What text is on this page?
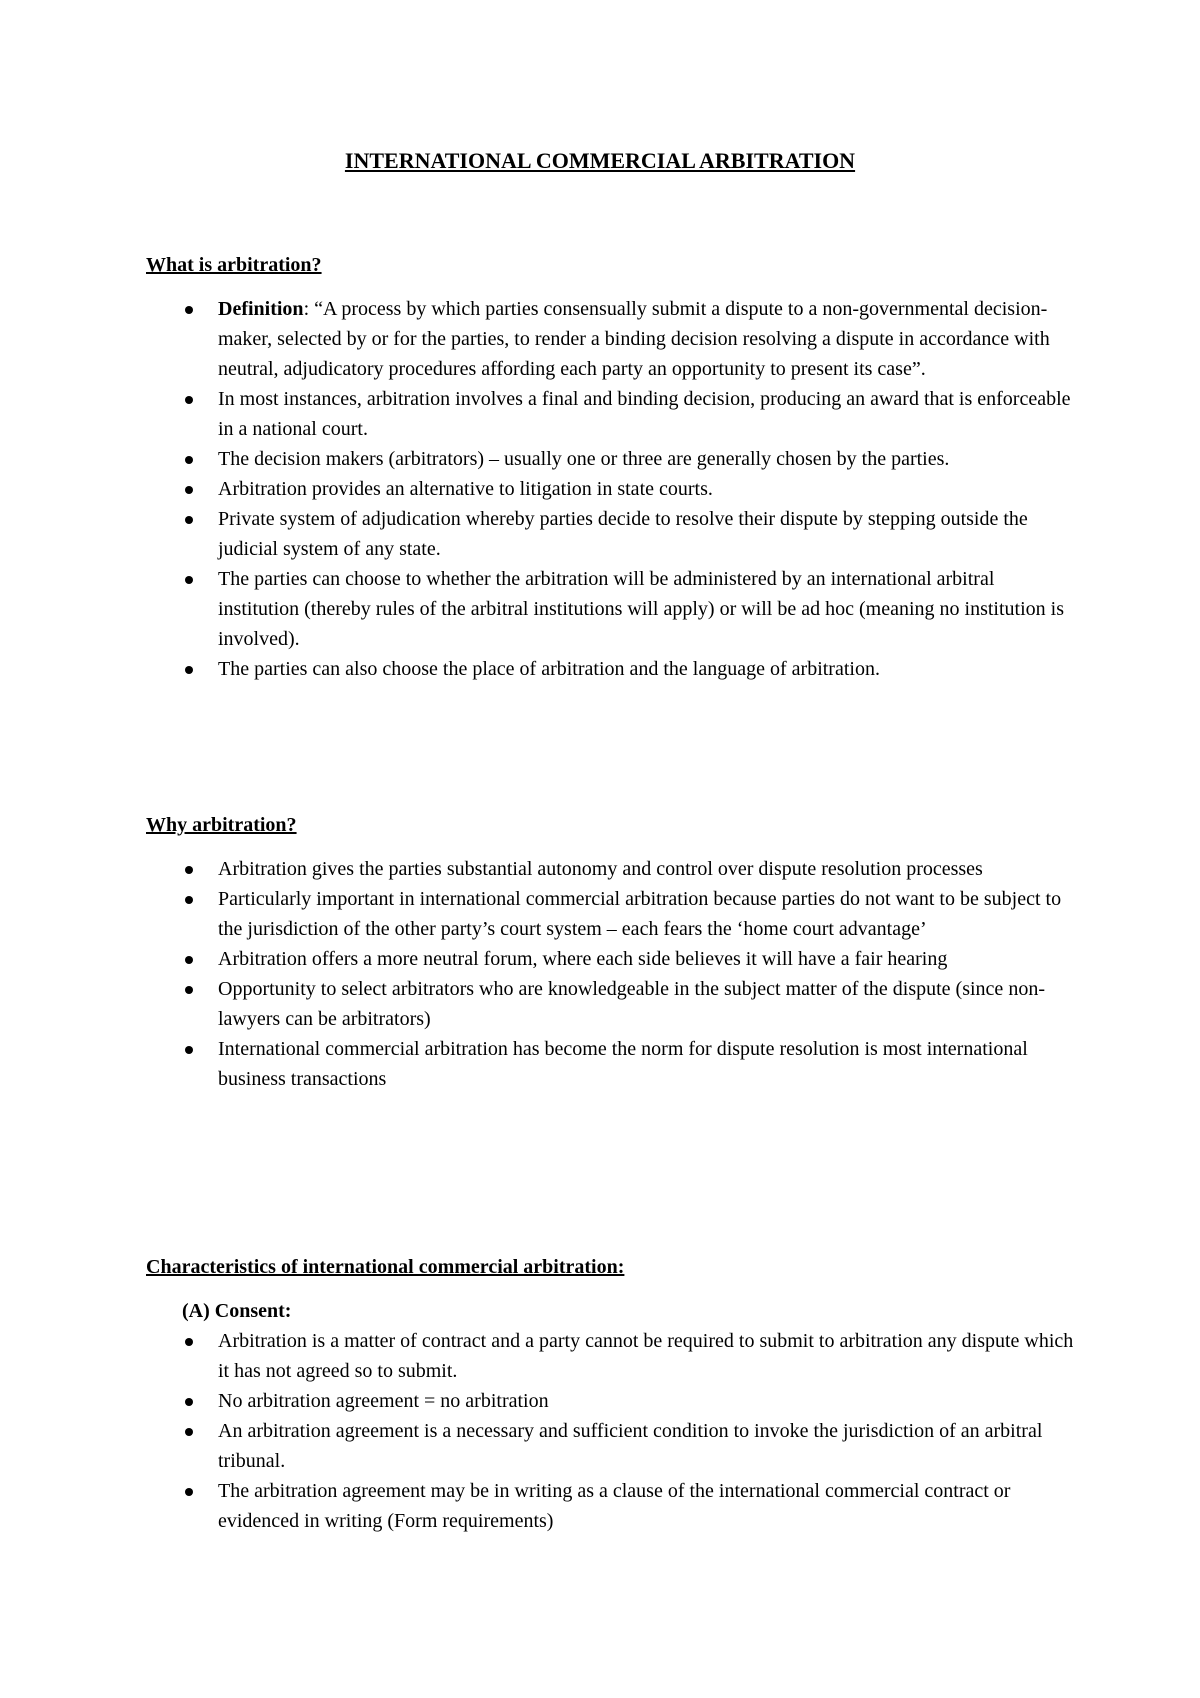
INTERNATIONAL COMMERCIAL ARBITRATION
What is arbitration?
Definition: “A process by which parties consensually submit a dispute to a non-governmental decision-maker, selected by or for the parties, to render a binding decision resolving a dispute in accordance with neutral, adjudicatory procedures affording each party an opportunity to present its case”.
In most instances, arbitration involves a final and binding decision, producing an award that is enforceable in a national court.
The decision makers (arbitrators) – usually one or three are generally chosen by the parties.
Arbitration provides an alternative to litigation in state courts.
Private system of adjudication whereby parties decide to resolve their dispute by stepping outside the judicial system of any state.
The parties can choose to whether the arbitration will be administered by an international arbitral institution (thereby rules of the arbitral institutions will apply) or will be ad hoc (meaning no institution is involved).
The parties can also choose the place of arbitration and the language of arbitration.
Why arbitration?
Arbitration gives the parties substantial autonomy and control over dispute resolution processes
Particularly important in international commercial arbitration because parties do not want to be subject to the jurisdiction of the other party’s court system – each fears the ‘home court advantage’
Arbitration offers a more neutral forum, where each side believes it will have a fair hearing
Opportunity to select arbitrators who are knowledgeable in the subject matter of the dispute (since non-lawyers can be arbitrators)
International commercial arbitration has become the norm for dispute resolution is most international business transactions
Characteristics of international commercial arbitration:

(A) Consent:

Arbitration is a matter of contract and a party cannot be required to submit to arbitration any dispute which it has not agreed so to submit.
No arbitration agreement = no arbitration
An arbitration agreement is a necessary and sufficient condition to invoke the jurisdiction of an arbitral tribunal.
The arbitration agreement may be in writing as a clause of the international commercial contract or evidenced in writing (Form requirements)
